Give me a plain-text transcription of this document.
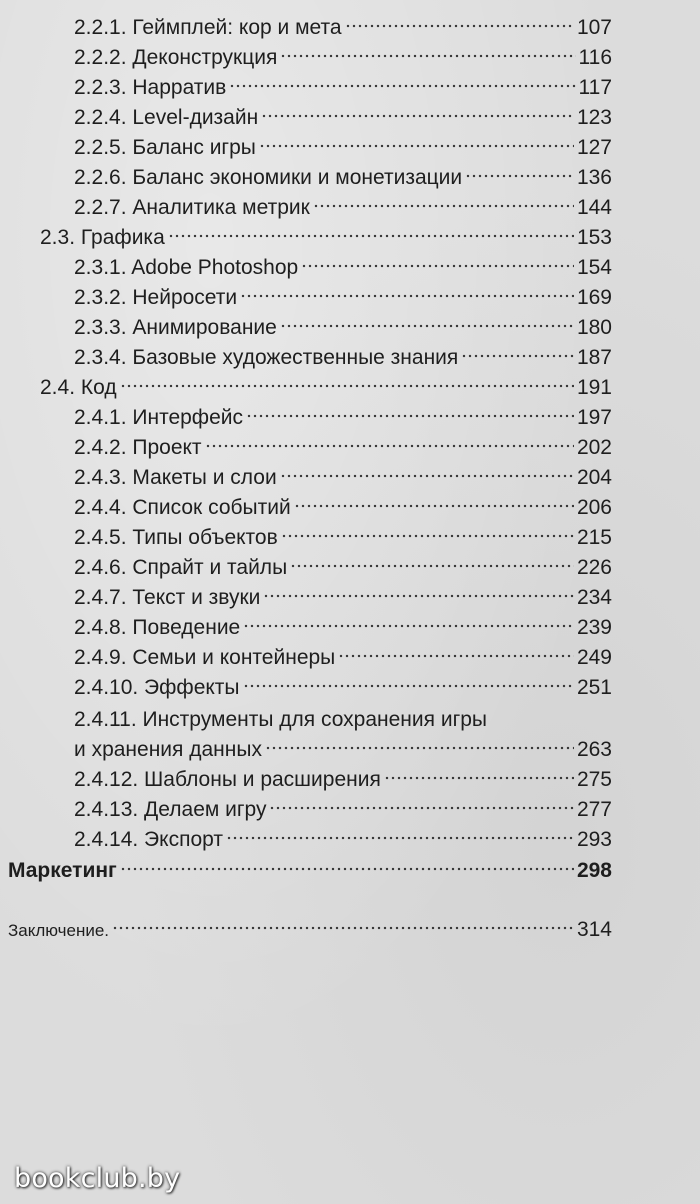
2.2.1. Геймплей: кор и мета	107
2.2.2. Деконструкция	116
2.2.3. Нарратив	117
2.2.4. Level-дизайн	123
2.2.5. Баланс игры	127
2.2.6. Баланс экономики и монетизации	136
2.2.7. Аналитика метрик	144
2.3. Графика	153
2.3.1. Adobe Photoshop	154
2.3.2. Нейросети	169
2.3.3. Анимирование	180
2.3.4. Базовые художественные знания	187
2.4. Код	191
2.4.1. Интерфейс	197
2.4.2. Проект	202
2.4.3. Макеты и слои	204
2.4.4. Список событий	206
2.4.5. Типы объектов	215
2.4.6. Спрайт и тайлы	226
2.4.7. Текст и звуки	234
2.4.8. Поведение	239
2.4.9. Семьи и контейнеры	249
2.4.10. Эффекты	251
2.4.11. Инструменты для сохранения игры
и хранения данных	263
2.4.12. Шаблоны и расширения	275
2.4.13. Делаем игру	277
2.4.14. Экспорт	293
Маркетинг	298
Заключение.	314
bookclub.by
